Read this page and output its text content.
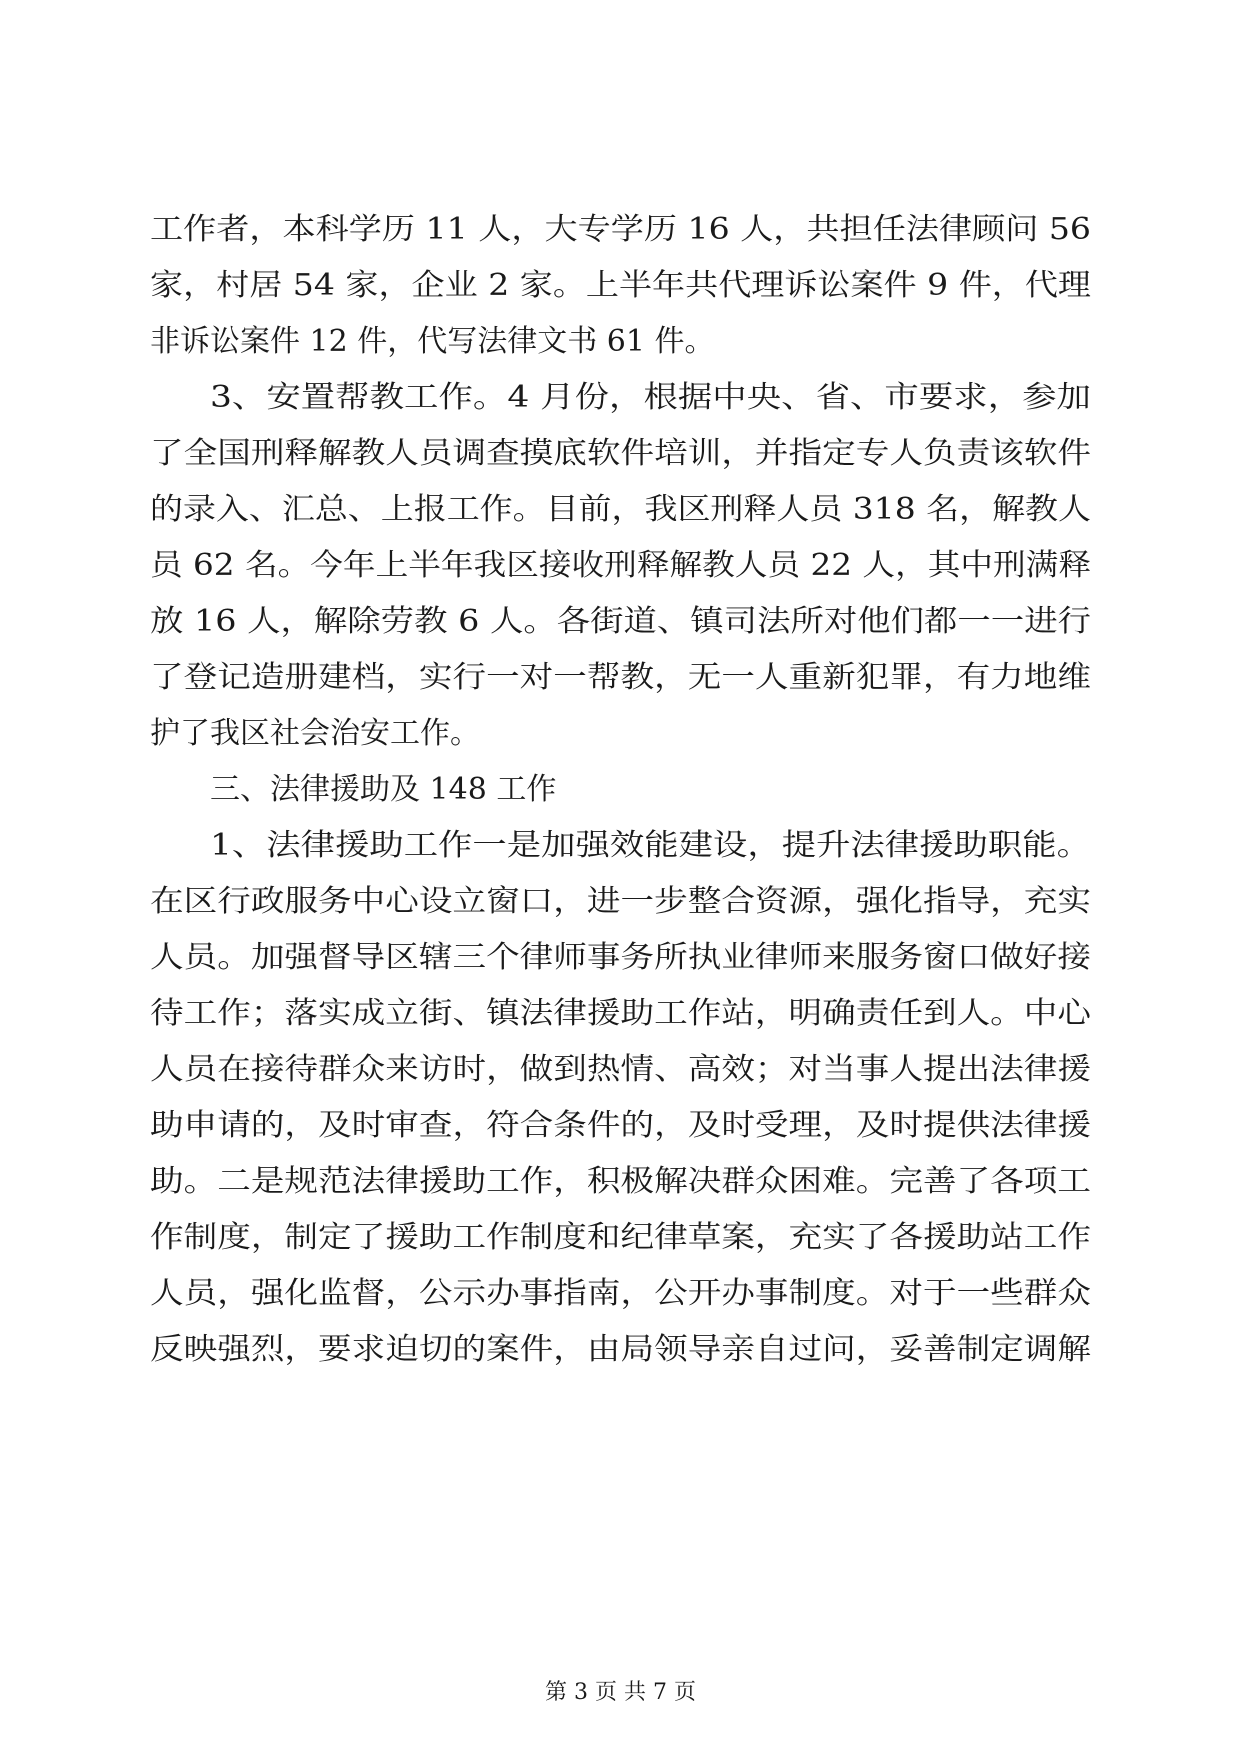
工作者，本科学历 11 人，大专学历 16 人，共担任法律顾问 56
家，村居 54 家，企业 2 家。上半年共代理诉讼案件 9 件，代理
非诉讼案件 12 件，代写法律文书 61 件。
3、安置帮教工作。4 月份，根据中央、省、市要求，参加
了全国刑释解教人员调查摸底软件培训，并指定专人负责该软件
的录入、汇总、上报工作。目前，我区刑释人员 318 名，解教人
员 62 名。今年上半年我区接收刑释解教人员 22 人，其中刑满释
放 16 人，解除劳教 6 人。各街道、镇司法所对他们都一一进行
了登记造册建档，实行一对一帮教，无一人重新犯罪，有力地维
护了我区社会治安工作。
三、法律援助及 148 工作
1、法律援助工作一是加强效能建设，提升法律援助职能。
在区行政服务中心设立窗口，进一步整合资源，强化指导，充实
人员。加强督导区辖三个律师事务所执业律师来服务窗口做好接
待工作；落实成立街、镇法律援助工作站，明确责任到人。中心
人员在接待群众来访时，做到热情、高效；对当事人提出法律援
助申请的，及时审查，符合条件的，及时受理，及时提供法律援
助。二是规范法律援助工作，积极解决群众困难。完善了各项工
作制度，制定了援助工作制度和纪律草案，充实了各援助站工作
人员，强化监督，公示办事指南，公开办事制度。对于一些群众
反映强烈，要求迫切的案件，由局领导亲自过问，妥善制定调解
第 3 页 共 7 页
